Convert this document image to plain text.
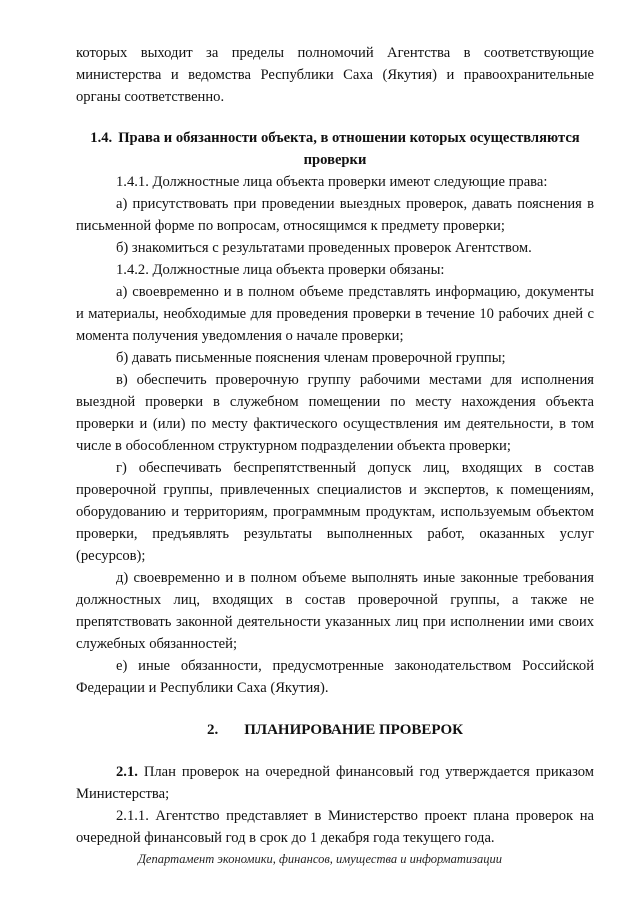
которых выходит за пределы полномочий Агентства в соответствующие министерства и ведомства Республики Саха (Якутия) и правоохранительные органы соответственно.

1.4. Права и обязанности объекта, в отношении которых осуществляются проверки

1.4.1. Должностные лица объекта проверки имеют следующие права:

а) присутствовать при проведении выездных проверок, давать пояснения в письменной форме по вопросам, относящимся к предмету проверки;

б) знакомиться с результатами проведенных проверок Агентством.

1.4.2. Должностные лица объекта проверки обязаны:

а) своевременно и в полном объеме представлять информацию, документы и материалы, необходимые для проведения проверки в течение 10 рабочих дней с момента получения уведомления о начале проверки;

б) давать письменные пояснения членам проверочной группы;

в) обеспечить проверочную группу рабочими местами для исполнения выездной проверки в служебном помещении по месту нахождения объекта проверки и (или) по месту фактического осуществления им деятельности, в том числе в обособленном структурном подразделении объекта проверки;

г) обеспечивать беспрепятственный допуск лиц, входящих в состав проверочной группы, привлеченных специалистов и экспертов, к помещениям, оборудованию и территориям, программным продуктам, используемым объектом проверки, предъявлять результаты выполненных работ, оказанных услуг (ресурсов);

д) своевременно и в полном объеме выполнять иные законные требования должностных лиц, входящих в состав проверочной группы, а также не препятствовать законной деятельности указанных лиц при исполнении ими своих служебных обязанностей;

е) иные обязанности, предусмотренные законодательством Российской Федерации и Республики Саха (Якутия).

2. ПЛАНИРОВАНИЕ ПРОВЕРОК

2.1. План проверок на очередной финансовый год утверждается приказом Министерства;

2.1.1. Агентство представляет в Министерство проект плана проверок на очередной финансовый год в срок до 1 декабря года текущего года.

Департамент экономики, финансов, имущества и информатизации
